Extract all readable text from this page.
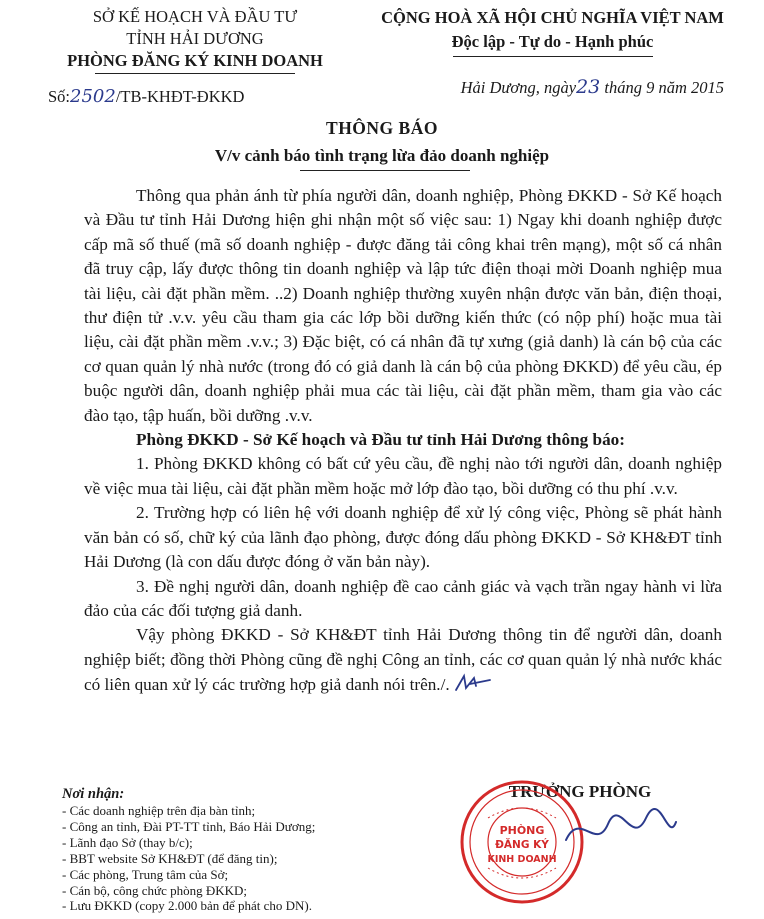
SỞ KẾ HOẠCH VÀ ĐẦU TƯ
TỈNH HẢI DƯƠNG
PHÒNG ĐĂNG KÝ KINH DOANH
Số:2502/TB-KHĐT-ĐKKD
CỘNG HOÀ XÃ HỘI CHỦ NGHĨA VIỆT NAM
Độc lập - Tự do - Hạnh phúc
Hải Dương, ngày23 tháng 9 năm 2015
THÔNG BÁO
V/v cảnh báo tình trạng lừa đảo doanh nghiệp

Thông qua phản ánh từ phía người dân, doanh nghiệp, Phòng ĐKKD - Sở Kế hoạch và Đầu tư tỉnh Hải Dương hiện ghi nhận một số việc sau: 1) Ngay khi doanh nghiệp được cấp mã số thuế (mã số doanh nghiệp - được đăng tải công khai trên mạng), một số cá nhân đã truy cập, lấy được thông tin doanh nghiệp và lập tức điện thoại mời Doanh nghiệp mua tài liệu, cài đặt phần mềm. ..2) Doanh nghiệp thường xuyên nhận được văn bản, điện thoại, thư điện tử .v.v. yêu cầu tham gia các lớp bồi dưỡng kiến thức (có nộp phí) hoặc mua tài liệu, cài đặt phần mềm .v.v.; 3) Đặc biệt, có cá nhân đã tự xưng (giả danh) là cán bộ của các cơ quan quản lý nhà nước (trong đó có giả danh là cán bộ của phòng ĐKKD) để yêu cầu, ép buộc người dân, doanh nghiệp phải mua các tài liệu, cài đặt phần mềm, tham gia vào các đào tạo, tập huấn, bồi dưỡng .v.v.

Phòng ĐKKD - Sở Kế hoạch và Đầu tư tỉnh Hải Dương thông báo:

1. Phòng ĐKKD không có bất cứ yêu cầu, đề nghị nào tới người dân, doanh nghiệp về việc mua tài liệu, cài đặt phần mềm hoặc mở lớp đào tạo, bồi dưỡng có thu phí .v.v.

2. Trường hợp có liên hệ với doanh nghiệp để xử lý công việc, Phòng sẽ phát hành văn bản có số, chữ ký của lãnh đạo phòng, được đóng dấu phòng ĐKKD - Sở KH&ĐT tỉnh Hải Dương (là con dấu được đóng ở văn bản này).

3. Đề nghị người dân, doanh nghiệp đề cao cảnh giác và vạch trần ngay hành vi lừa đảo của các đối tượng giả danh.

Vậy phòng ĐKKD - Sở KH&ĐT tỉnh Hải Dương thông tin để người dân, doanh nghiệp biết; đồng thời Phòng cũng đề nghị Công an tỉnh, các cơ quan quản lý nhà nước khác có liên quan xử lý các trường hợp giả danh nói trên./.

Nơi nhận:
- Các doanh nghiệp trên địa bàn tỉnh;
- Công an tỉnh, Đài PT-TT tỉnh, Báo Hải Dương;
- Lãnh đạo Sở (thay b/c);
- BBT website Sở KH&ĐT (để đăng tin);
- Các phòng, Trung tâm của Sở;
- Cán bộ, công chức phòng ĐKKD;
- Lưu ĐKKD (copy 2.000 bản để phát cho DN).
TRƯỞNG PHÒNG
PHÒNG
ĐĂNG KÝ
KINH DOANH
